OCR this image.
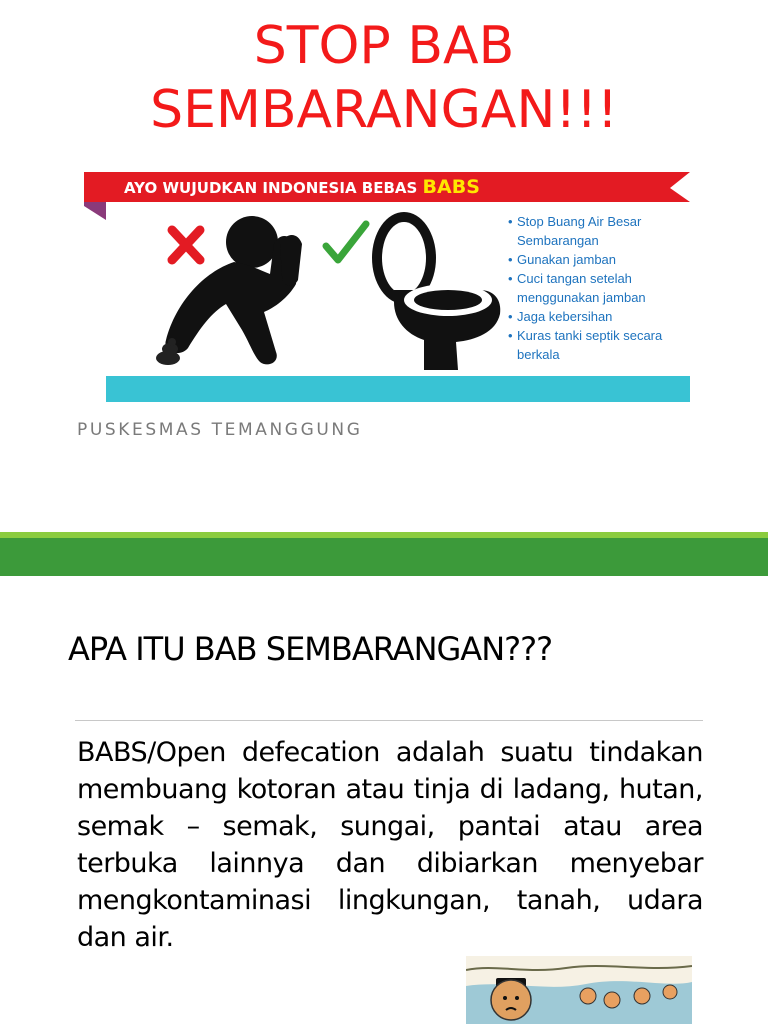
STOP BAB
SEMBARANGAN!!!
AYO WUJUDKAN INDONESIA BEBAS BABS
• Stop Buang Air Besar Sembarangan
• Gunakan jamban
• Cuci tangan setelah menggunakan jamban
• Jaga kebersihan
• Kuras tanki septik secara berkala
PUSKESMAS TEMANGGUNG
APA ITU BAB SEMBARANGAN???
BABS/Open defecation adalah suatu tindakan membuang kotoran atau tinja di ladang, hutan, semak – semak, sungai, pantai atau area terbuka lainnya dan dibiarkan menyebar mengkontaminasi lingkungan, tanah, udara dan air.
